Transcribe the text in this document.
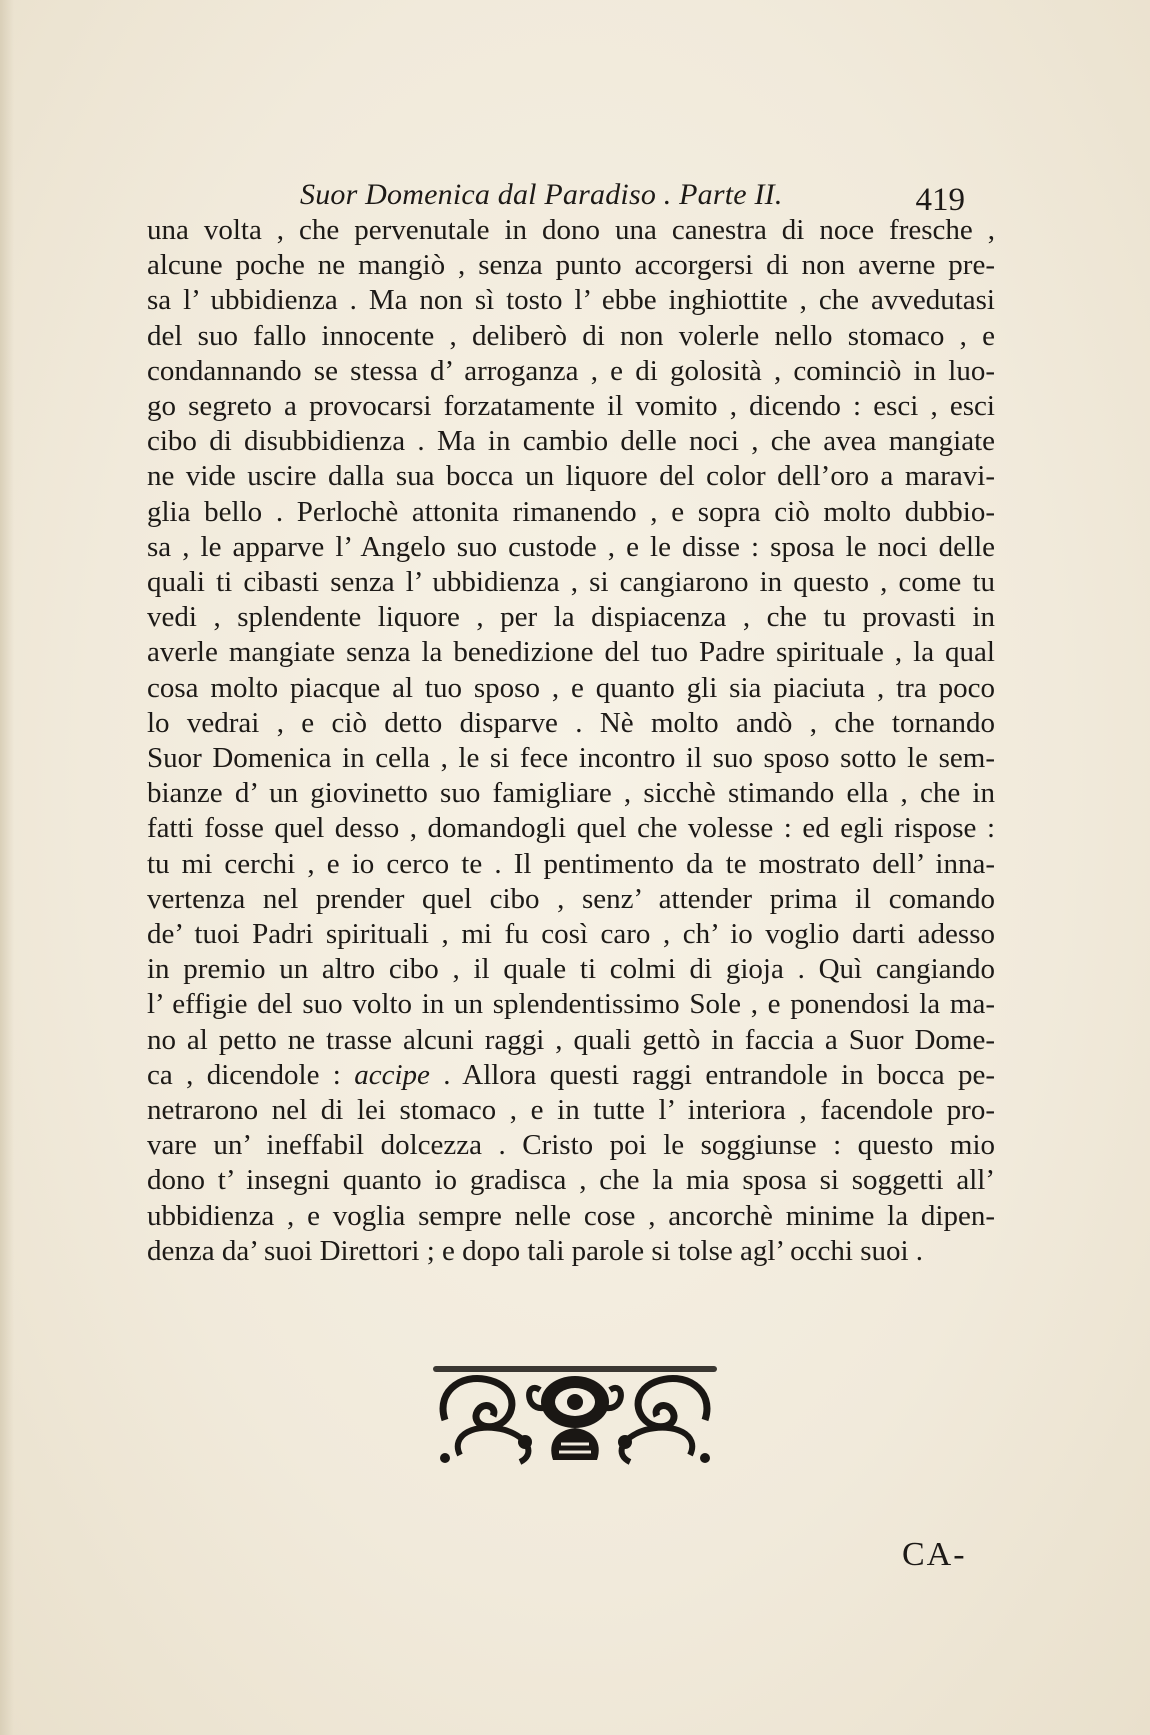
Suor Domenica dal Paradiso . Parte II.	419
una volta , che pervenutale in dono una canestra di noce fresche ,
alcune poche ne mangiò , senza punto accorgersi di non averne pre-
sa l’ ubbidienza . Ma non sì tosto l’ ebbe inghiottite , che avvedutasi
del suo fallo innocente , deliberò di non volerle nello stomaco , e
condannando se stessa d’ arroganza , e di golosità , cominciò in luo-
go segreto a provocarsi forzatamente il vomito , dicendo : esci , esci
cibo di disubbidienza . Ma in cambio delle noci , che avea mangiate
ne vide uscire dalla sua bocca un liquore del color dell’oro a maravi-
glia bello . Perlochè attonita rimanendo , e sopra ciò molto dubbio-
sa , le apparve l’ Angelo suo custode , e le disse : sposa le noci delle
quali ti cibasti senza l’ ubbidienza , si cangiarono in questo , come tu
vedi , splendente liquore , per la dispiacenza , che tu provasti in
averle mangiate senza la benedizione del tuo Padre spirituale , la qual
cosa molto piacque al tuo sposo , e quanto gli sia piaciuta , tra poco
lo vedrai , e ciò detto disparve . Nè molto andò , che tornando
Suor Domenica in cella , le si fece incontro il suo sposo sotto le sem-
bianze d’ un giovinetto suo famigliare , sicchè stimando ella , che in
fatti fosse quel desso , domandogli quel che volesse : ed egli rispose :
tu mi cerchi , e io cerco te . Il pentimento da te mostrato dell’ inna-
vertenza nel prender quel cibo , senz’ attender prima il comando
de’ tuoi Padri spirituali , mi fu così caro , ch’ io voglio darti adesso
in premio un altro cibo , il quale ti colmi di gioja . Quì cangiando
l’ effigie del suo volto in un splendentissimo Sole , e ponendosi la ma-
no al petto ne trasse alcuni raggi , quali gettò in faccia a Suor Dome-
ca , dicendole : accipe . Allora questi raggi entrandole in bocca pe-
netrarono nel di lei stomaco , e in tutte l’ interiora , facendole pro-
vare un’ ineffabil dolcezza . Cristo poi le soggiunse : questo mio
dono t’ insegni quanto io gradisca , che la mia sposa si soggetti all’
ubbidienza , e voglia sempre nelle cose , ancorchè minime la dipen-
denza da’ suoi Direttori ; e dopo tali parole si tolse agl’ occhi suoi .
CA-
